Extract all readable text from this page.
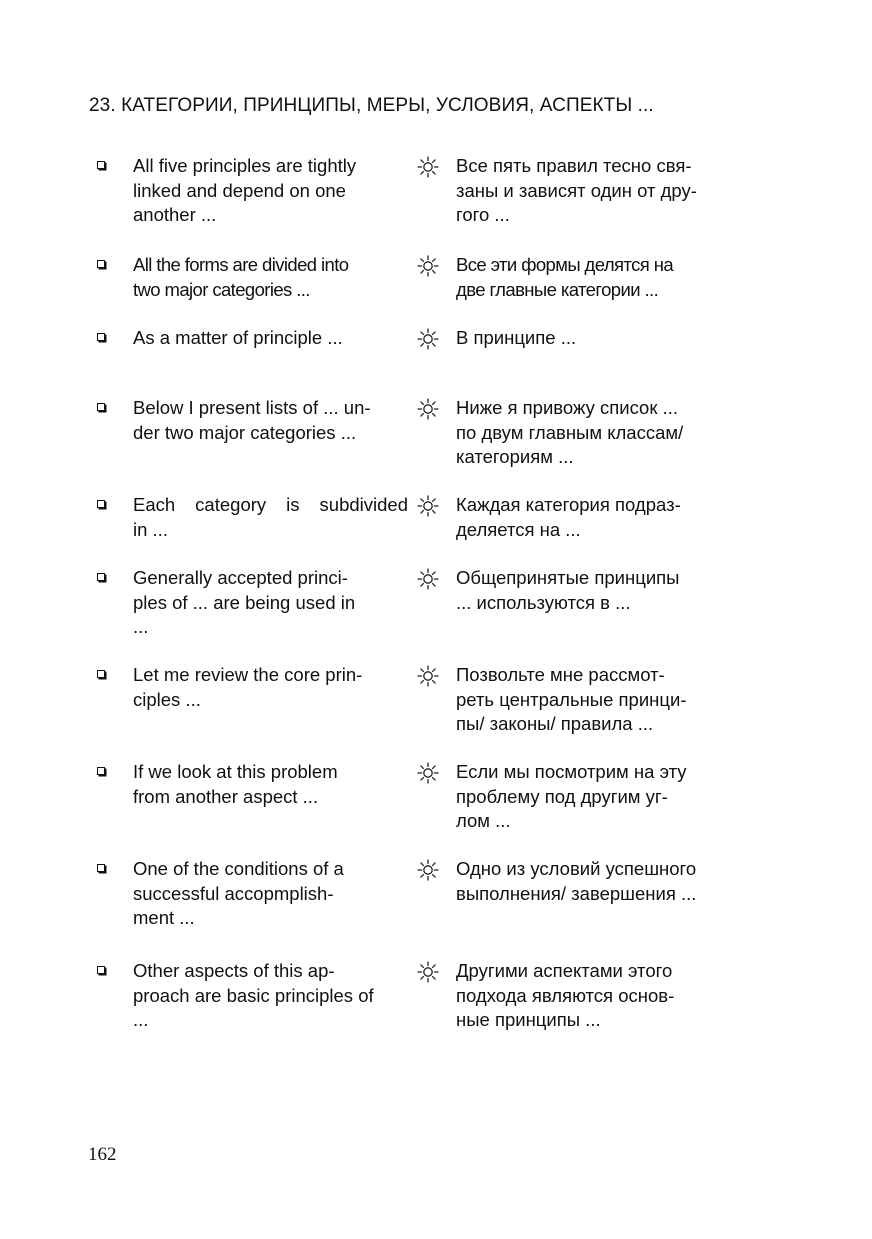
23. КАТЕГОРИИ, ПРИНЦИПЫ, МЕРЫ, УСЛОВИЯ, АСПЕКТЫ ...
All five principles are tightly
linked and depend on one
another ...
Все пять правил тесно свя-
заны и зависят один от дру-
гого ...
All the forms are divided into
two major categories ...
Все эти формы делятся на
две главные категории ...
As a matter of principle ...	В принципе ...
Below I present lists of ... un-
der two major categories ...
Ниже я привожу список ...
по двум главным классам/
категориям ...
Each category is subdivided
in ...
Каждая категория подраз-
деляется на ...
Generally accepted princi-
ples of ... are being used in
...
Общепринятые принципы
... используются в ...
Let me review the core prin-
ciples ...
Позвольте мне рассмот-
реть центральные принци-
пы/ законы/ правила ...
If we look at this problem
from another aspect ...
Если мы посмотрим на эту
проблему под другим уг-
лом ...
One of the conditions of a
successful accopmplish-
ment ...
Одно из условий успешного
выполнения/ завершения ...
Other aspects of this ap-
proach are basic principles of
...
Другими аспектами этого
подхода являются основ-
ные принципы ...
162
